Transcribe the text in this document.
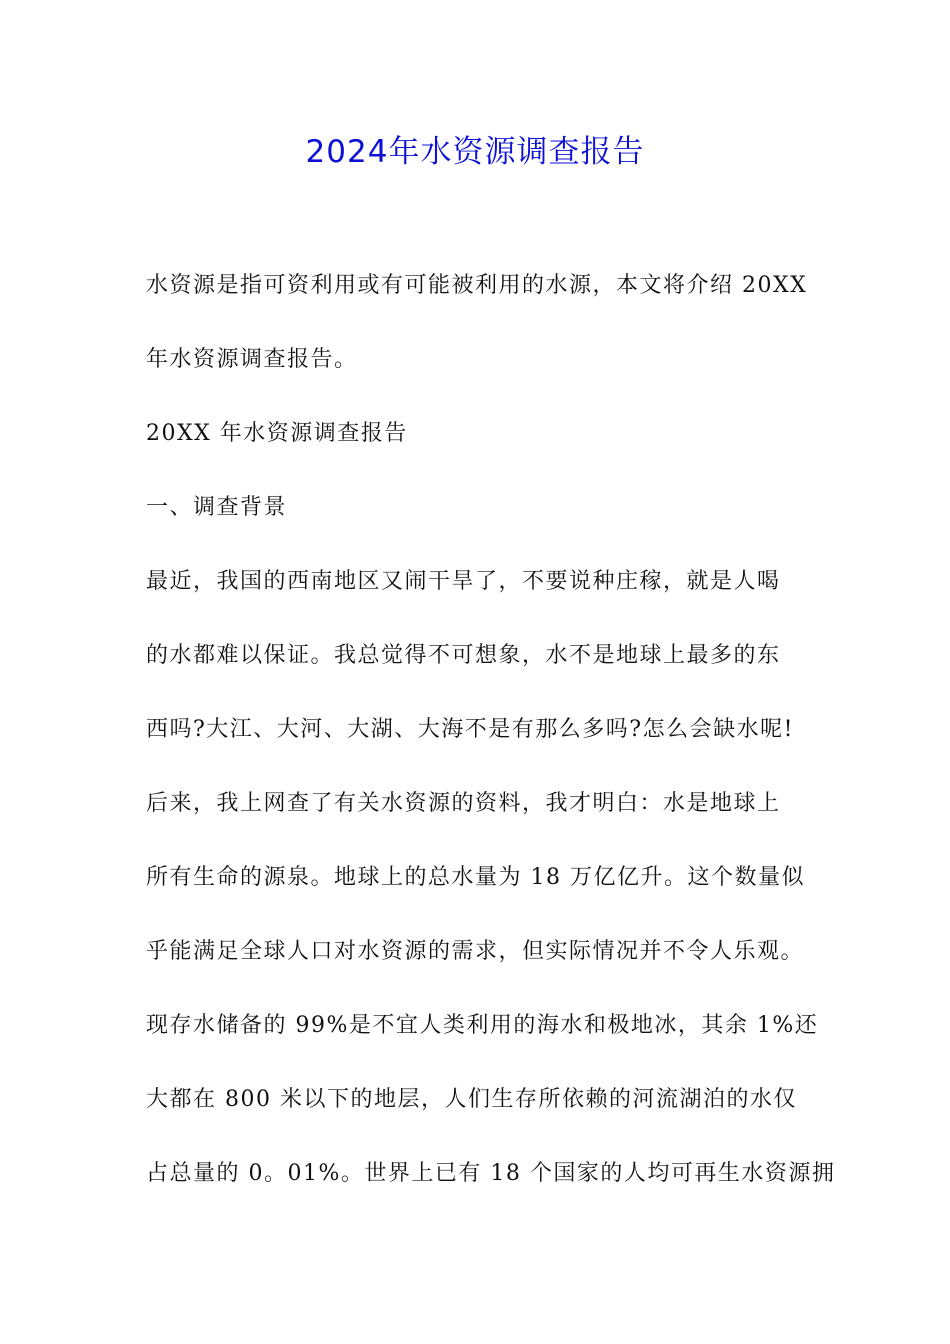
2024年水资源调查报告
水资源是指可资利用或有可能被利用的水源，本文将介绍 20XX
年水资源调查报告。
20XX 年水资源调查报告
一、调查背景
最近，我国的西南地区又闹干旱了，不要说种庄稼，就是人喝
的水都难以保证。我总觉得不可想象，水不是地球上最多的东
西吗?大江、大河、大湖、大海不是有那么多吗?怎么会缺水呢!
后来，我上网查了有关水资源的资料，我才明白：水是地球上
所有生命的源泉。地球上的总水量为 18 万亿亿升。这个数量似
乎能满足全球人口对水资源的需求，但实际情况并不令人乐观。
现存水储备的 99%是不宜人类利用的海水和极地冰，其余 1%还
大都在 800 米以下的地层，人们生存所依赖的河流湖泊的水仅
占总量的 0。01%。世界上已有 18 个国家的人均可再生水资源拥
